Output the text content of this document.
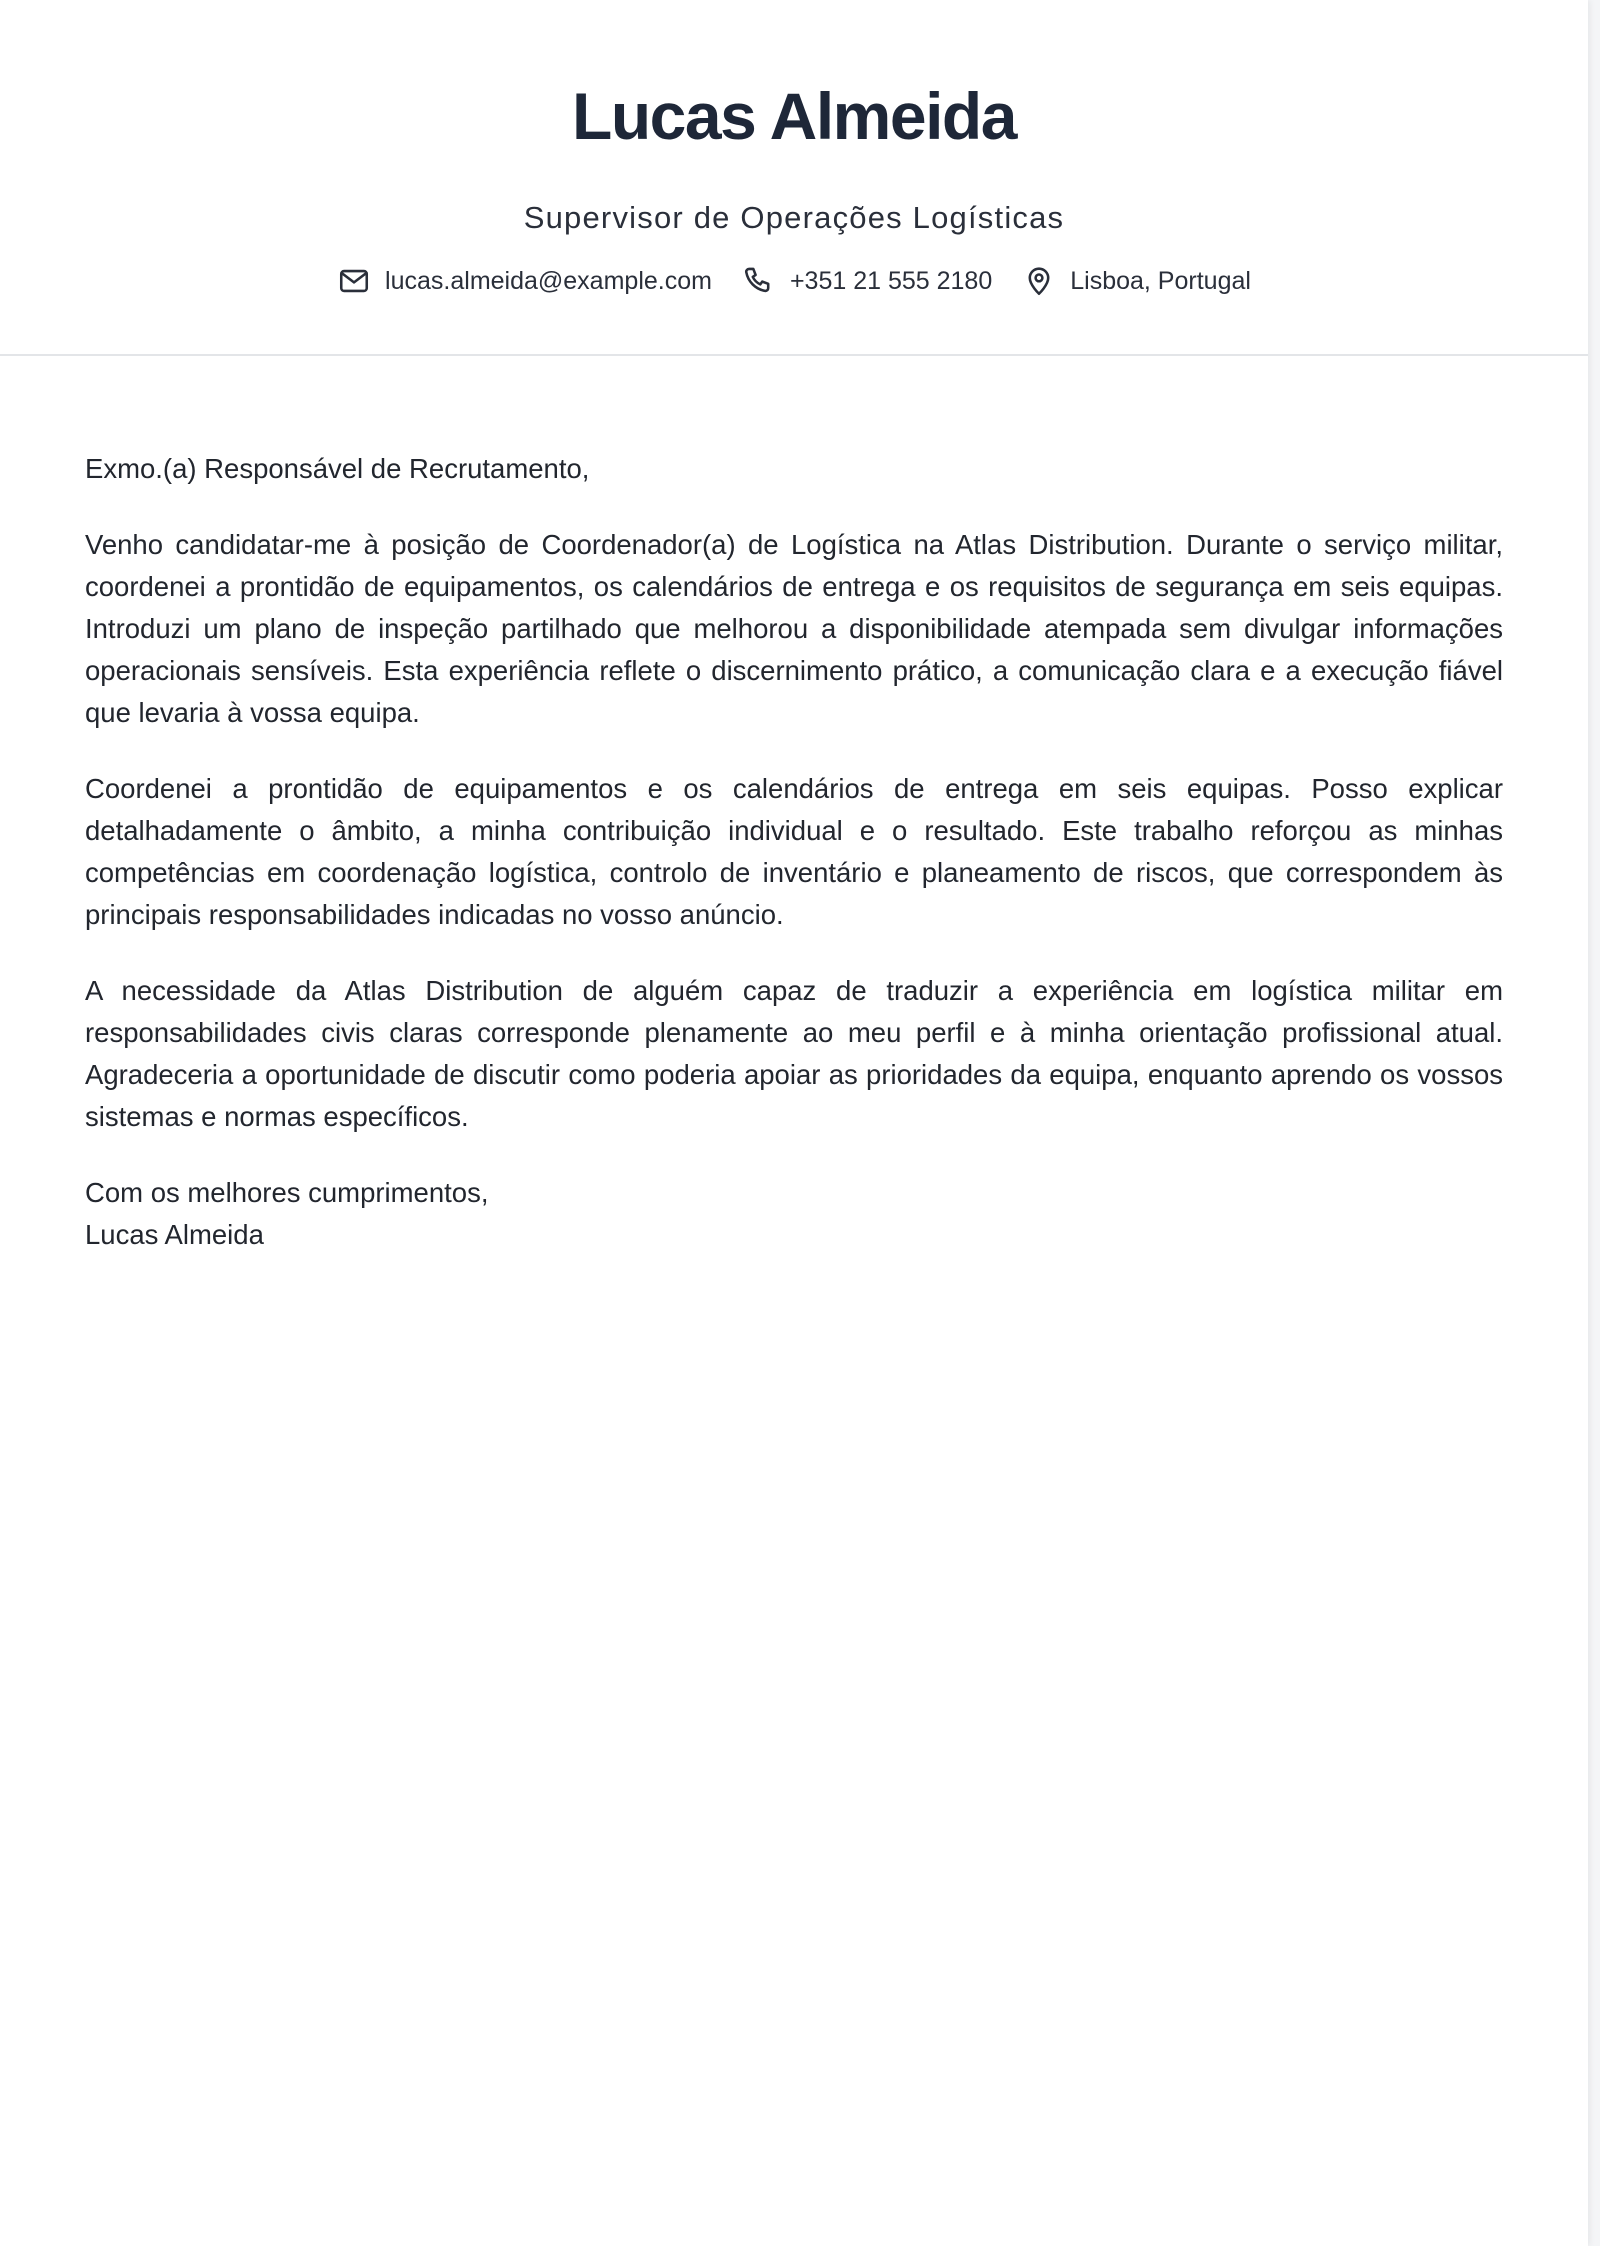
Lucas Almeida

Supervisor de Operações Logísticas

lucas.almeida@example.com	+351 21 555 2180	Lisboa, Portugal

Exmo.(a) Responsável de Recrutamento,

Venho candidatar-me à posição de Coordenador(a) de Logística na Atlas Distribution. Durante o serviço militar, coordenei a prontidão de equipamentos, os calendários de entrega e os requisitos de segurança em seis equipas. Introduzi um plano de inspeção partilhado que melhorou a disponibilidade atempada sem divulgar informações operacionais sensíveis. Esta experiência reflete o discernimento prático, a comunicação clara e a execução fiável que levaria à vossa equipa.

Coordenei a prontidão de equipamentos e os calendários de entrega em seis equipas. Posso explicar detalhadamente o âmbito, a minha contribuição individual e o resultado. Este trabalho reforçou as minhas competências em coordenação logística, controlo de inventário e planeamento de riscos, que correspondem às principais responsabilidades indicadas no vosso anúncio.

A necessidade da Atlas Distribution de alguém capaz de traduzir a experiência em logística militar em responsabilidades civis claras corresponde plenamente ao meu perfil e à minha orientação profissional atual. Agradeceria a oportunidade de discutir como poderia apoiar as prioridades da equipa, enquanto aprendo os vossos sistemas e normas específicos.

Com os melhores cumprimentos,
Lucas Almeida
